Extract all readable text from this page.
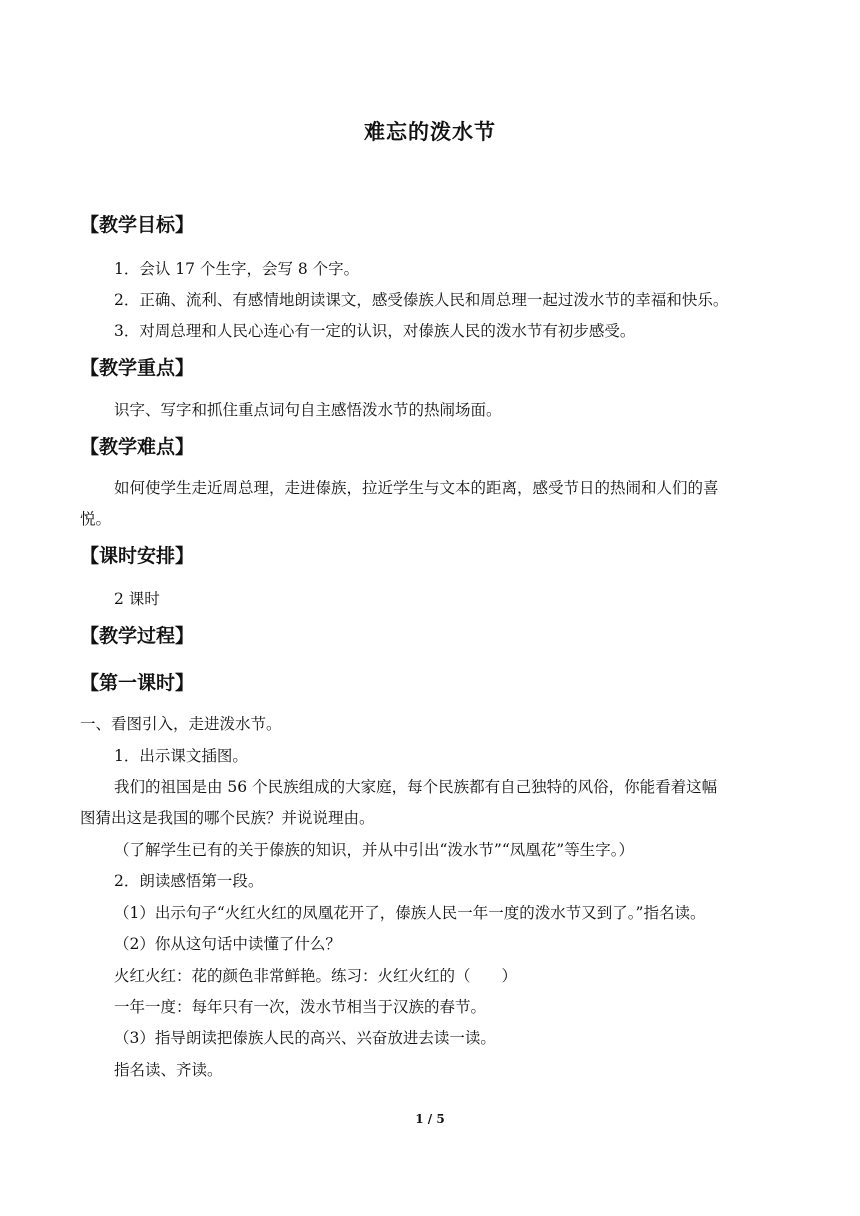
难忘的泼水节
【教学目标】
1．会认 17 个生字，会写 8 个字。
2．正确、流利、有感情地朗读课文，感受傣族人民和周总理一起过泼水节的幸福和快乐。
3．对周总理和人民心连心有一定的认识，对傣族人民的泼水节有初步感受。
【教学重点】
识字、写字和抓住重点词句自主感悟泼水节的热闹场面。
【教学难点】
如何使学生走近周总理，走进傣族，拉近学生与文本的距离，感受节日的热闹和人们的喜
悦。
【课时安排】
2 课时
【教学过程】
【第一课时】
一、看图引入，走进泼水节。
1．出示课文插图。
我们的祖国是由 56 个民族组成的大家庭，每个民族都有自己独特的风俗，你能看着这幅
图猜出这是我国的哪个民族？并说说理由。
（了解学生已有的关于傣族的知识，并从中引出“泼水节”“凤凰花”等生字。）
2．朗读感悟第一段。
（1）出示句子“火红火红的凤凰花开了，傣族人民一年一度的泼水节又到了。”指名读。
（2）你从这句话中读懂了什么？
火红火红：花的颜色非常鲜艳。练习：火红火红的（　　）
一年一度：每年只有一次，泼水节相当于汉族的春节。
（3）指导朗读把傣族人民的高兴、兴奋放进去读一读。
指名读、齐读。
1 / 5
